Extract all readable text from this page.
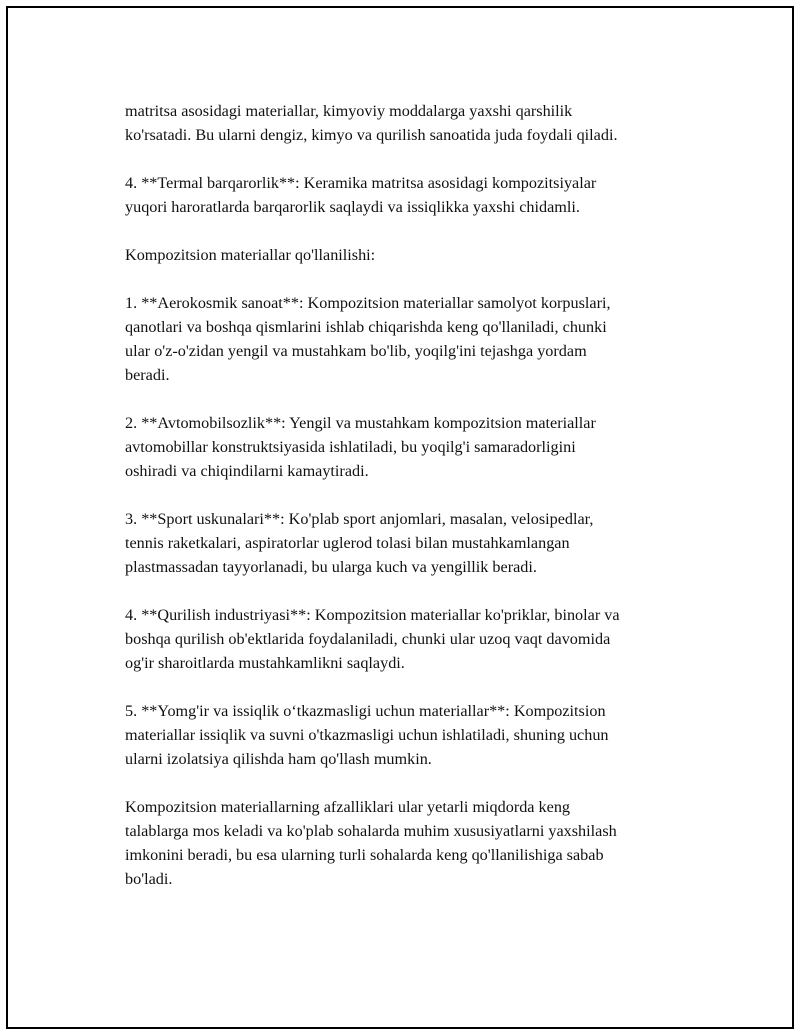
matritsa asosidagi materiallar, kimyoviy moddalarga yaxshi qarshilik
ko'rsatadi. Bu ularni dengiz, kimyo va qurilish sanoatida juda foydali qiladi.

4. **Termal barqarorlik**: Keramika matritsa asosidagi kompozitsiyalar
yuqori haroratlarda barqarorlik saqlaydi va issiqlikka yaxshi chidamli.

Kompozitsion materiallar qo'llanilishi:

1. **Aerokosmik sanoat**: Kompozitsion materiallar samolyot korpuslari,
qanotlari va boshqa qismlarini ishlab chiqarishda keng qo'llaniladi, chunki
ular o'z-o'zidan yengil va mustahkam bo'lib, yoqilg'ini tejashga yordam
beradi.

2. **Avtomobilsozlik**: Yengil va mustahkam kompozitsion materiallar
avtomobillar konstruktsiyasida ishlatiladi, bu yoqilg'i samaradorligini
oshiradi va chiqindilarni kamaytiradi.

3. **Sport uskunalari**: Ko'plab sport anjomlari, masalan, velosipedlar,
tennis raketkalari, aspiratorlar uglerod tolasi bilan mustahkamlangan
plastmassadan tayyorlanadi, bu ularga kuch va yengillik beradi.

4. **Qurilish industriyasi**: Kompozitsion materiallar ko'priklar, binolar va
boshqa qurilish ob'ektlarida foydalaniladi, chunki ular uzoq vaqt davomida
og'ir sharoitlarda mustahkamlikni saqlaydi.

5. **Yomg'ir va issiqlik o‘tkazmasligi uchun materiallar**: Kompozitsion
materiallar issiqlik va suvni o'tkazmasligi uchun ishlatiladi, shuning uchun
ularni izolatsiya qilishda ham qo'llash mumkin.

Kompozitsion materiallarning afzalliklari ular yetarli miqdorda keng
talablarga mos keladi va ko'plab sohalarda muhim xususiyatlarni yaxshilash
imkonini beradi, bu esa ularning turli sohalarda keng qo'llanilishiga sabab
bo'ladi.
